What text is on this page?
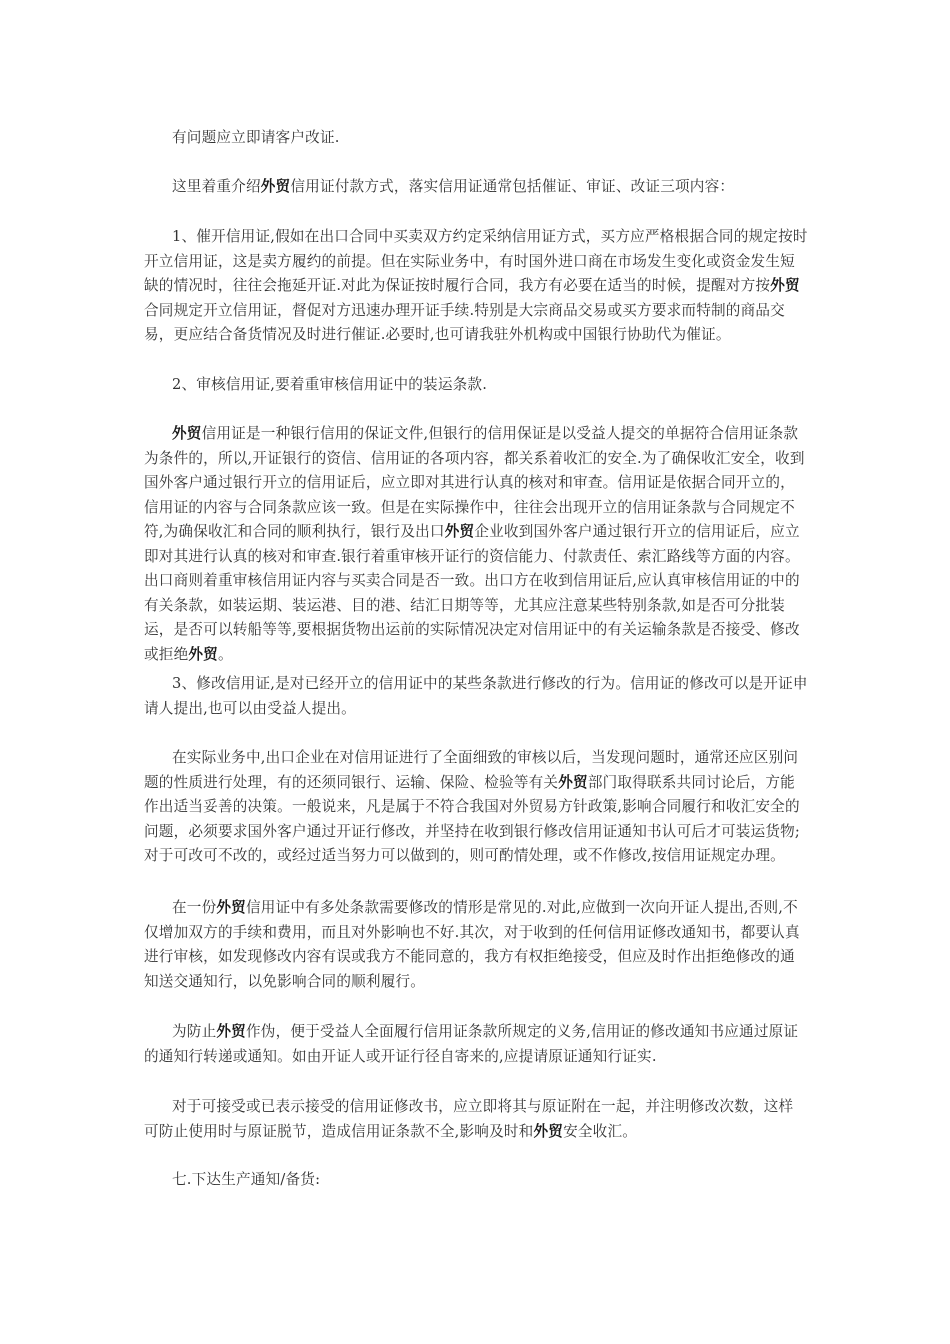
有问题应立即请客户改证.

这里着重介绍外贸信用证付款方式，落实信用证通常包括催证、审证、改证三项内容：

1、催开信用证,假如在出口合同中买卖双方约定采纳信用证方式，买方应严格根据合同的规定按时开立信用证，这是卖方履约的前提。但在实际业务中，有时国外进口商在市场发生变化或资金发生短缺的情况时，往往会拖延开证.对此为保证按时履行合同，我方有必要在适当的时候，提醒对方按外贸合同规定开立信用证，督促对方迅速办理开证手续.特别是大宗商品交易或买方要求而特制的商品交易，更应结合备货情况及时进行催证.必要时,也可请我驻外机构或中国银行协助代为催证。

2、审核信用证,要着重审核信用证中的装运条款.

外贸信用证是一种银行信用的保证文件,但银行的信用保证是以受益人提交的单据符合信用证条款为条件的，所以,开证银行的资信、信用证的各项内容，都关系着收汇的安全.为了确保收汇安全，收到国外客户通过银行开立的信用证后，应立即对其进行认真的核对和审查。信用证是依据合同开立的，信用证的内容与合同条款应该一致。但是在实际操作中，往往会出现开立的信用证条款与合同规定不符,为确保收汇和合同的顺利执行，银行及出口外贸企业收到国外客户通过银行开立的信用证后，应立即对其进行认真的核对和审查.银行着重审核开证行的资信能力、付款责任、索汇路线等方面的内容。出口商则着重审核信用证内容与买卖合同是否一致。出口方在收到信用证后,应认真审核信用证的中的有关条款，如装运期、装运港、目的港、结汇日期等等，尤其应注意某些特别条款,如是否可分批装运，是否可以转船等等,要根据货物出运前的实际情况决定对信用证中的有关运输条款是否接受、修改或拒绝外贸。

3、修改信用证,是对已经开立的信用证中的某些条款进行修改的行为。信用证的修改可以是开证申请人提出,也可以由受益人提出。

在实际业务中,出口企业在对信用证进行了全面细致的审核以后，当发现问题时，通常还应区别问题的性质进行处理，有的还须同银行、运输、保险、检验等有关外贸部门取得联系共同讨论后，方能作出适当妥善的决策。一般说来，凡是属于不符合我国对外贸易方针政策,影响合同履行和收汇安全的问题，必须要求国外客户通过开证行修改，并坚持在收到银行修改信用证通知书认可后才可装运货物;对于可改可不改的，或经过适当努力可以做到的，则可酌情处理，或不作修改,按信用证规定办理。

在一份外贸信用证中有多处条款需要修改的情形是常见的.对此,应做到一次向开证人提出,否则,不仅增加双方的手续和费用，而且对外影响也不好.其次，对于收到的任何信用证修改通知书，都要认真进行审核，如发现修改内容有误或我方不能同意的，我方有权拒绝接受，但应及时作出拒绝修改的通知送交通知行，以免影响合同的顺利履行。

为防止外贸作伪，便于受益人全面履行信用证条款所规定的义务,信用证的修改通知书应通过原证的通知行转递或通知。如由开证人或开证行径自寄来的,应提请原证通知行证实.

对于可接受或已表示接受的信用证修改书，应立即将其与原证附在一起，并注明修改次数，这样可防止使用时与原证脱节，造成信用证条款不全,影响及时和外贸安全收汇。

七.下达生产通知/备货:
